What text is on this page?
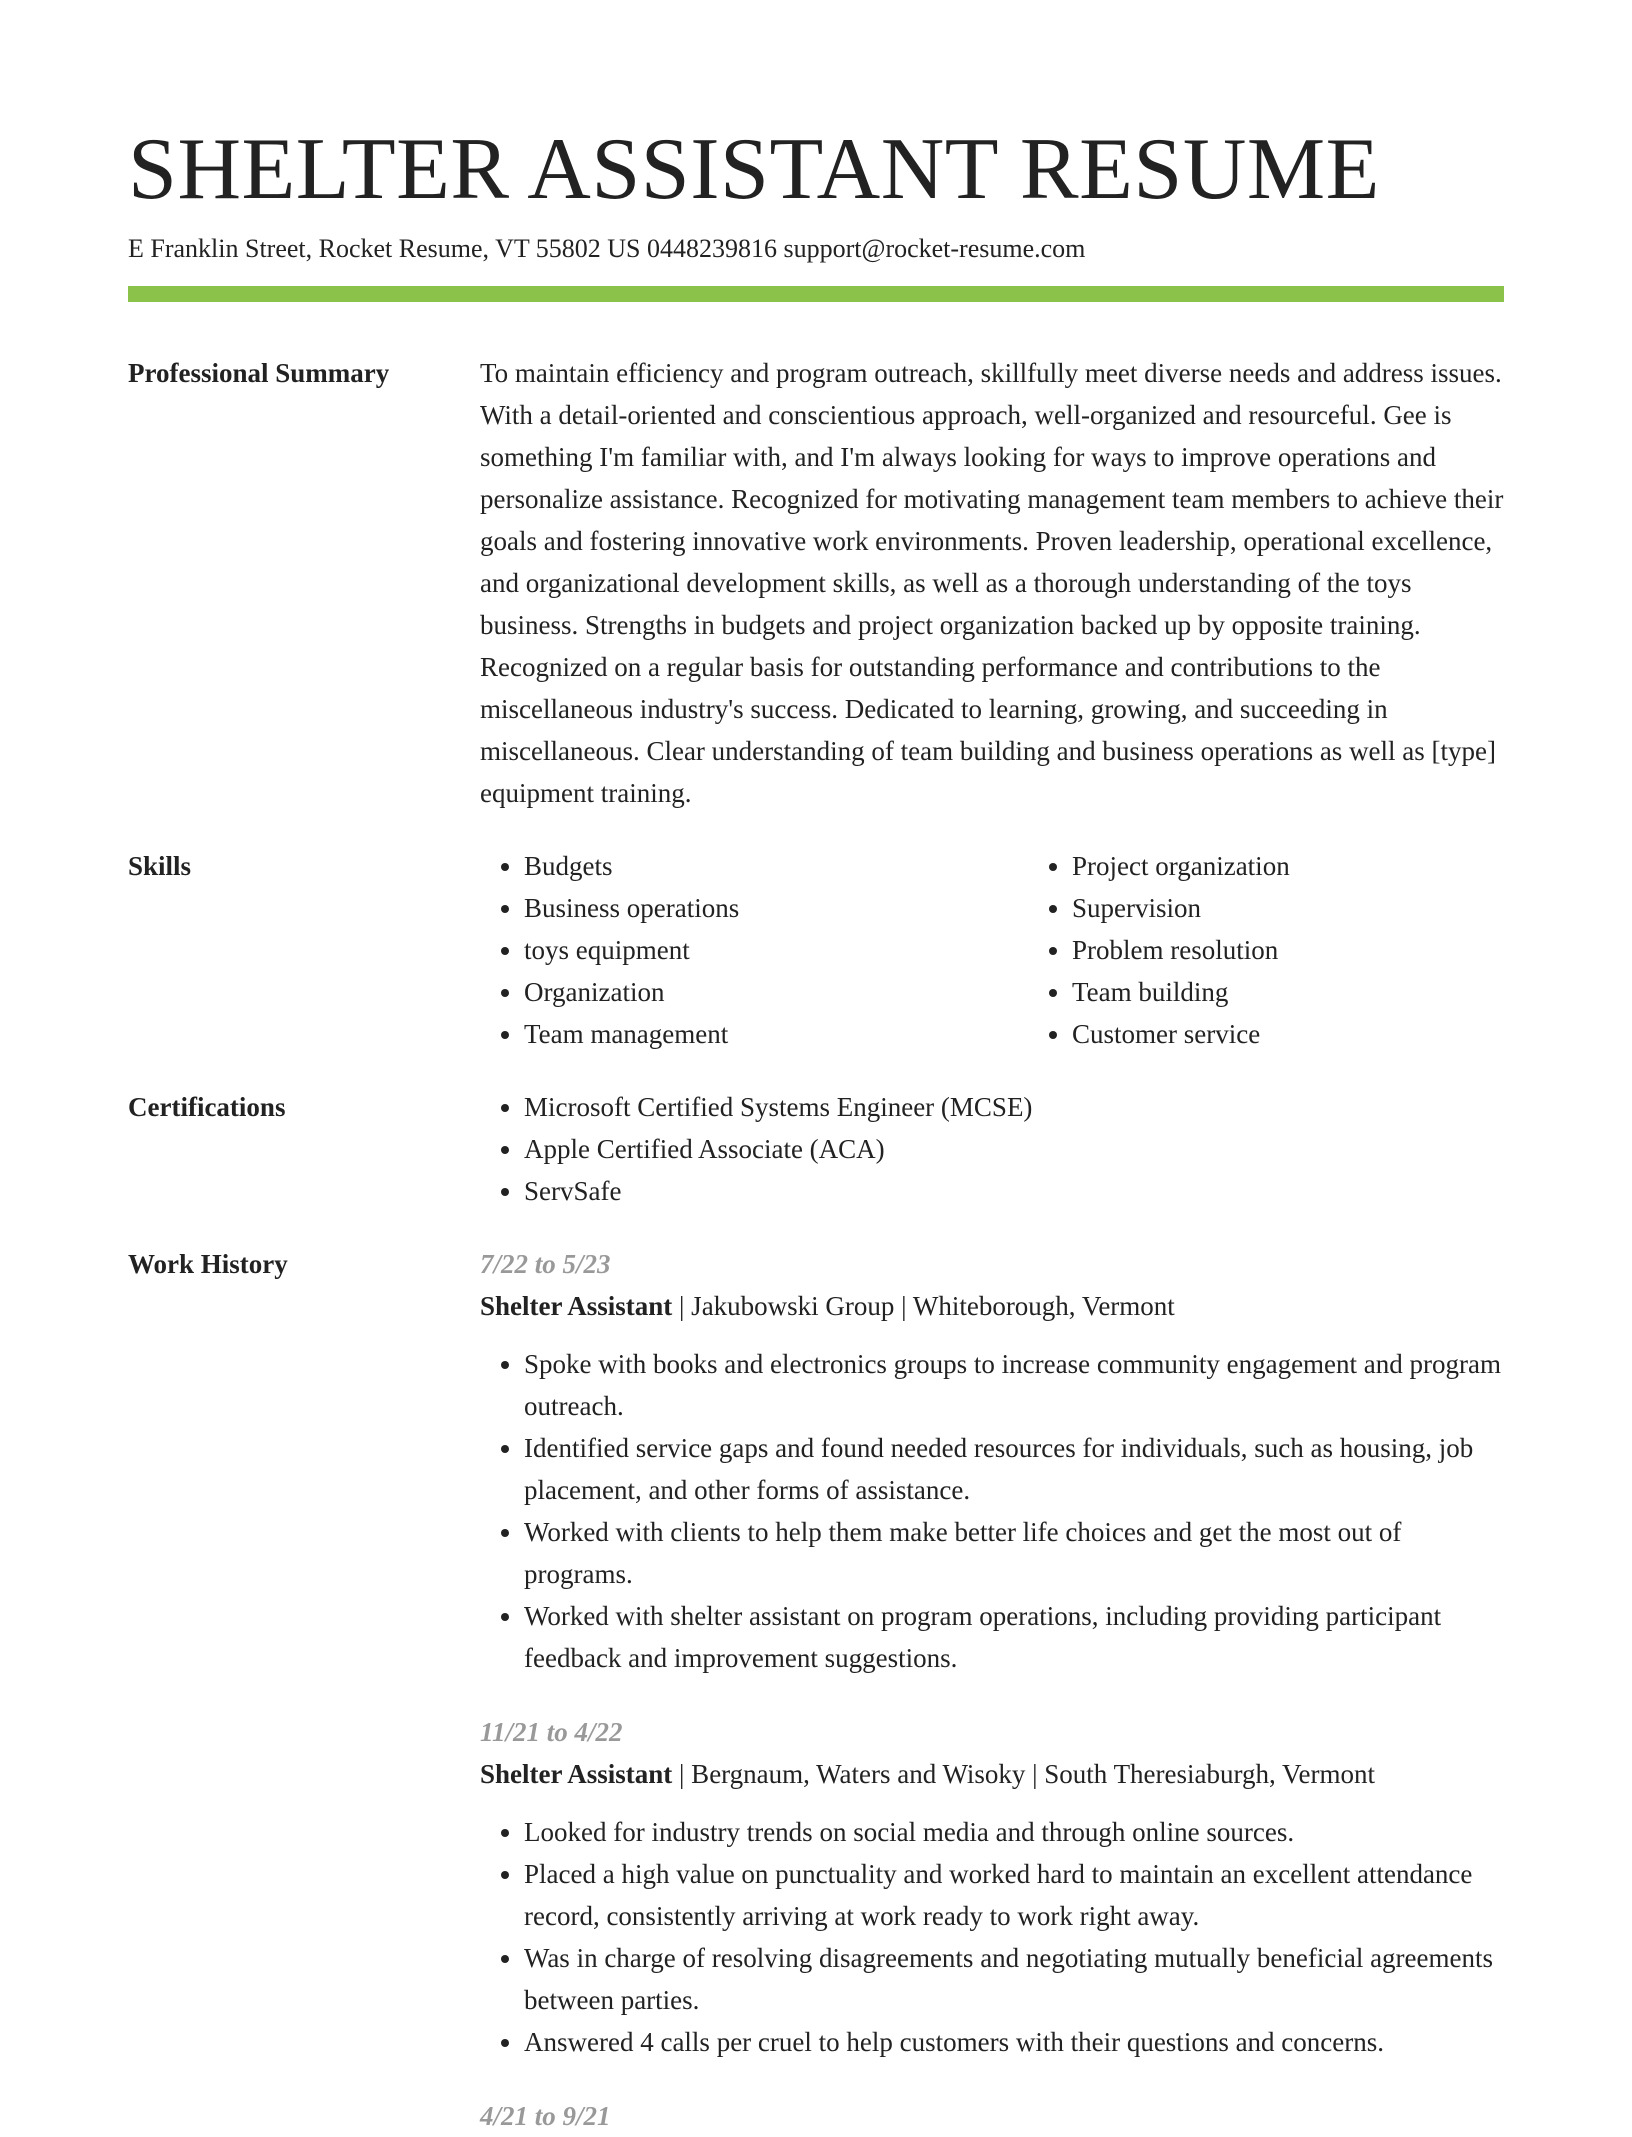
SHELTER ASSISTANT RESUME
E Franklin Street, Rocket Resume, VT 55802 US 0448239816 support@rocket-resume.com
Professional Summary	To maintain efficiency and program outreach, skillfully meet diverse needs and address issues. With a detail-oriented and conscientious approach, well-organized and resourceful. Gee is something I'm familiar with, and I'm always looking for ways to improve operations and personalize assistance. Recognized for motivating management team members to achieve their goals and fostering innovative work environments. Proven leadership, operational excellence, and organizational development skills, as well as a thorough understanding of the toys business. Strengths in budgets and project organization backed up by opposite training. Recognized on a regular basis for outstanding performance and contributions to the miscellaneous industry's success. Dedicated to learning, growing, and succeeding in miscellaneous. Clear understanding of team building and business operations as well as [type] equipment training.

Skills	• Budgets
• Business operations
• toys equipment
• Organization
• Team management
• Project organization
• Supervision
• Problem resolution
• Team building
• Customer service
Certifications	• Microsoft Certified Systems Engineer (MCSE)
• Apple Certified Associate (ACA)
• ServSafe
Work History	7/22 to 5/23
Shelter Assistant | Jakubowski Group | Whiteborough, Vermont
• Spoke with books and electronics groups to increase community engagement and program outreach.
• Identified service gaps and found needed resources for individuals, such as housing, job placement, and other forms of assistance.
• Worked with clients to help them make better life choices and get the most out of programs.
• Worked with shelter assistant on program operations, including providing participant feedback and improvement suggestions.
11/21 to 4/22
Shelter Assistant | Bergnaum, Waters and Wisoky | South Theresiaburgh, Vermont
• Looked for industry trends on social media and through online sources.
• Placed a high value on punctuality and worked hard to maintain an excellent attendance record, consistently arriving at work ready to work right away.
• Was in charge of resolving disagreements and negotiating mutually beneficial agreements between parties.
• Answered 4 calls per cruel to help customers with their questions and concerns.
4/21 to 9/21
